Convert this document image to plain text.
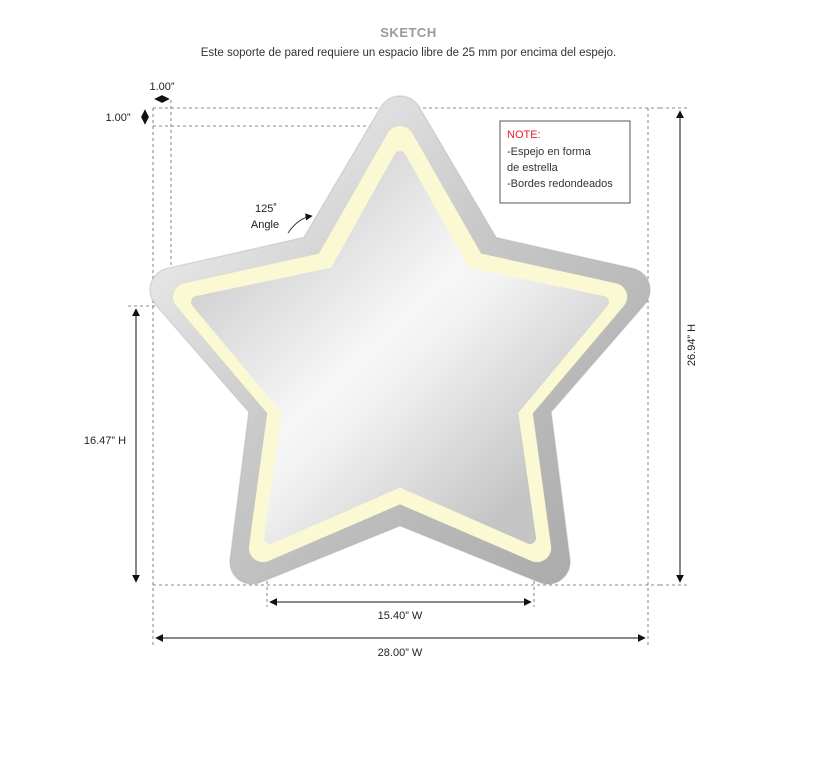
SKETCH
Este soporte de pared requiere un espacio libre de 25 mm por encima del espejo.
125˚
Angle
NOTE:
-Espejo en forma
de estrella
-Bordes redondeados
1.00”
1.00”
16.47” H
26.94” H
15.40” W
28.00” W
